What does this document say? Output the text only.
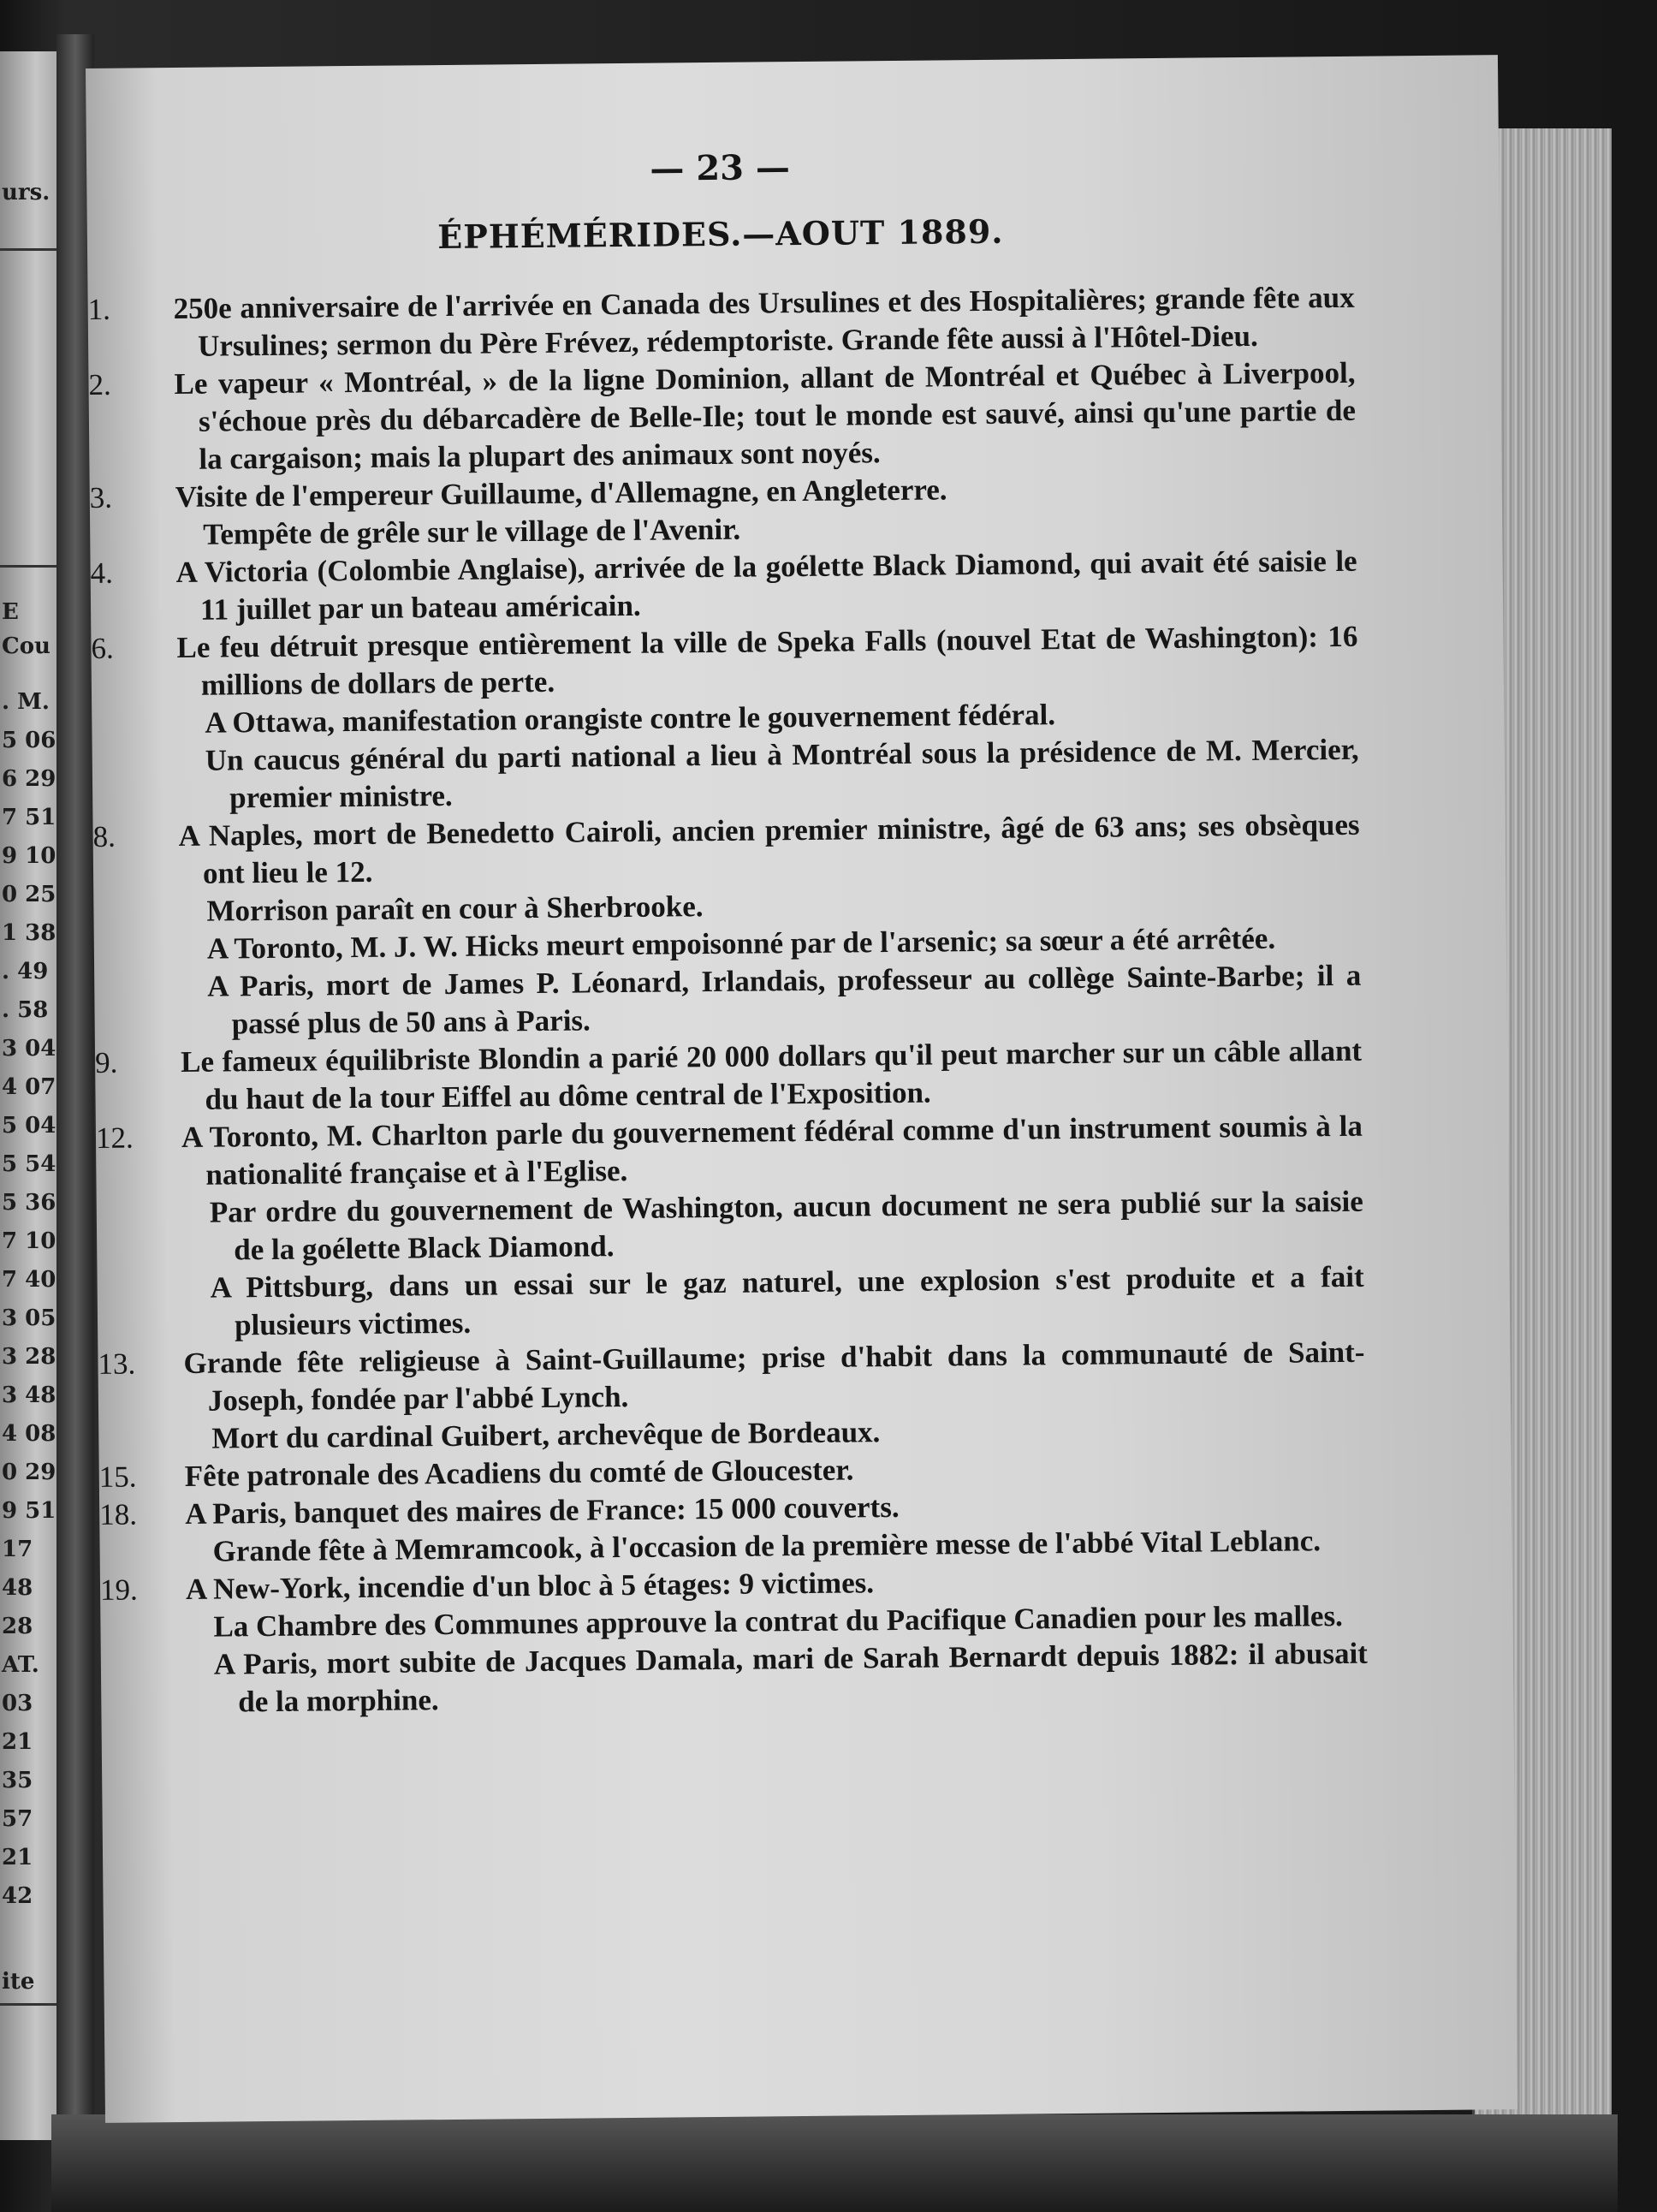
urs.
E
Cou
. M.
5 06
6 29
7 51
9 10
0 25
1 38
. 49
. 58
3 04
4 07
5 04
5 54
5 36
7 10
7 40
3 05
3 28
3 48
4 08
0 29
9 51
17
48
28
AT.
03
21
35
57
21
42
ite
— 23 —
ÉPHÉMÉRIDES.—AOUT 1889.
1.	250e anniversaire de l'arrivée en Canada des Ursulines et des Hospitalières; grande fête aux Ursulines; sermon du Père Frévez, rédemptoriste. Grande fête aussi à l'Hôtel-Dieu.
2.	Le vapeur « Montréal, » de la ligne Dominion, allant de Montréal et Québec à Liverpool, s'échoue près du débarcadère de Belle-Ile; tout le monde est sauvé, ainsi qu'une partie de la cargaison; mais la plupart des animaux sont noyés.
3.	Visite de l'empereur Guillaume, d'Allemagne, en Angleterre.
Tempête de grêle sur le village de l'Avenir.
4.	A Victoria (Colombie Anglaise), arrivée de la goélette Black Diamond, qui avait été saisie le 11 juillet par un bateau américain.
6.	Le feu détruit presque entièrement la ville de Speka Falls (nouvel Etat de Washington): 16 millions de dollars de perte.
A Ottawa, manifestation orangiste contre le gouvernement fédéral.
Un caucus général du parti national a lieu à Montréal sous la présidence de M. Mercier, premier ministre.
8.	A Naples, mort de Benedetto Cairoli, ancien premier ministre, âgé de 63 ans; ses obsèques ont lieu le 12.
Morrison paraît en cour à Sherbrooke.
A Toronto, M. J. W. Hicks meurt empoisonné par de l'arsenic; sa sœur a été arrêtée.
A Paris, mort de James P. Léonard, Irlandais, professeur au collège Sainte-Barbe; il a passé plus de 50 ans à Paris.
9.	Le fameux équilibriste Blondin a parié 20 000 dollars qu'il peut marcher sur un câble allant du haut de la tour Eiffel au dôme central de l'Exposition.
12.	A Toronto, M. Charlton parle du gouvernement fédéral comme d'un instrument soumis à la nationalité française et à l'Eglise.
Par ordre du gouvernement de Washington, aucun document ne sera publié sur la saisie de la goélette Black Diamond.
A Pittsburg, dans un essai sur le gaz naturel, une explosion s'est produite et a fait plusieurs victimes.
13.	Grande fête religieuse à Saint-Guillaume; prise d'habit dans la communauté de Saint-Joseph, fondée par l'abbé Lynch.
Mort du cardinal Guibert, archevêque de Bordeaux.
15.	Fête patronale des Acadiens du comté de Gloucester.
18.	A Paris, banquet des maires de France: 15 000 couverts.
Grande fête à Memramcook, à l'occasion de la première messe de l'abbé Vital Leblanc.
19.	A New-York, incendie d'un bloc à 5 étages: 9 victimes.
La Chambre des Communes approuve la contrat du Pacifique Canadien pour les malles.
A Paris, mort subite de Jacques Damala, mari de Sarah Bernardt depuis 1882: il abusait de la morphine.
